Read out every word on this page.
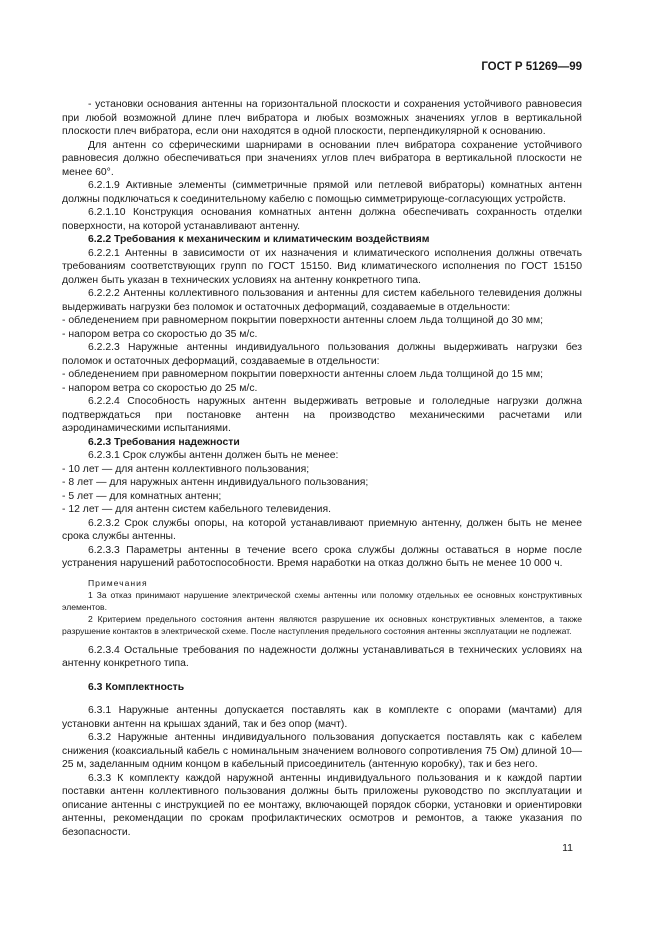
ГОСТ Р 51269—99

- установки основания антенны на горизонтальной плоскости и сохранения устойчивого равновесия при любой возможной длине плеч вибратора и любых возможных значениях углов в вертикальной плоскости плеч вибратора, если они находятся в одной плоскости, перпендикулярной к основанию.

Для антенн со сферическими шарнирами в основании плеч вибратора сохранение устойчивого равновесия должно обеспечиваться при значениях углов плеч вибратора в вертикальной плоскости не менее 60°.

6.2.1.9 Активные элементы (симметричные прямой или петлевой вибраторы) комнатных антенн должны подключаться к соединительному кабелю с помощью симметрирующе-согласующих устройств.

6.2.1.10 Конструкция основания комнатных антенн должна обеспечивать сохранность отделки поверхности, на которой устанавливают антенну.

6.2.2 Требования к механическим и климатическим воздействиям

6.2.2.1 Антенны в зависимости от их назначения и климатического исполнения должны отвечать требованиям соответствующих групп по ГОСТ 15150. Вид климатического исполнения по ГОСТ 15150 должен быть указан в технических условиях на антенну конкретного типа.

6.2.2.2 Антенны коллективного пользования и антенны для систем кабельного телевидения должны выдерживать нагрузки без поломок и остаточных деформаций, создаваемые в отдельности:

- обледенением при равномерном покрытии поверхности антенны слоем льда толщиной до 30 мм;

- напором ветра со скоростью до 35 м/с.

6.2.2.3 Наружные антенны индивидуального пользования должны выдерживать нагрузки без поломок и остаточных деформаций, создаваемые в отдельности:

- обледенением при равномерном покрытии поверхности антенны слоем льда толщиной до 15 мм;

- напором ветра со скоростью до 25 м/с.

6.2.2.4 Способность наружных антенн выдерживать ветровые и гололедные нагрузки должна подтверждаться при постановке антенн на производство механическими расчетами или аэродинамическими испытаниями.

6.2.3 Требования надежности

6.2.3.1 Срок службы антенн должен быть не менее:

- 10 лет — для антенн коллективного пользования;

- 8 лет — для наружных антенн индивидуального пользования;

- 5 лет — для комнатных антенн;

- 12 лет — для антенн систем кабельного телевидения.

6.2.3.2 Срок службы опоры, на которой устанавливают приемную антенну, должен быть не менее срока службы антенны.

6.2.3.3 Параметры антенны в течение всего срока службы должны оставаться в норме после устранения нарушений работоспособности. Время наработки на отказ должно быть не менее 10 000 ч.

Примечания

1 За отказ принимают нарушение электрической схемы антенны или поломку отдельных ее основных конструктивных элементов.

2 Критерием предельного состояния антенн являются разрушение их основных конструктивных элементов, а также разрушение контактов в электрической схеме. После наступления предельного состояния антенны эксплуатации не подлежат.

6.2.3.4 Остальные требования по надежности должны устанавливаться в технических условиях на антенну конкретного типа.

6.3 Комплектность

6.3.1 Наружные антенны допускается поставлять как в комплекте с опорами (мачтами) для установки антенн на крышах зданий, так и без опор (мачт).

6.3.2 Наружные антенны индивидуального пользования допускается поставлять как с кабелем снижения (коаксиальный кабель с номинальным значением волнового сопротивления 75 Ом) длиной 10—25 м, заделанным одним концом в кабельный присоединитель (антенную коробку), так и без него.

6.3.3 К комплекту каждой наружной антенны индивидуального пользования и к каждой партии поставки антенн коллективного пользования должны быть приложены руководство по эксплуатации и описание антенны с инструкцией по ее монтажу, включающей порядок сборки, установки и ориентировки антенны, рекомендации по срокам профилактических осмотров и ремонтов, а также указания по безопасности.

11
